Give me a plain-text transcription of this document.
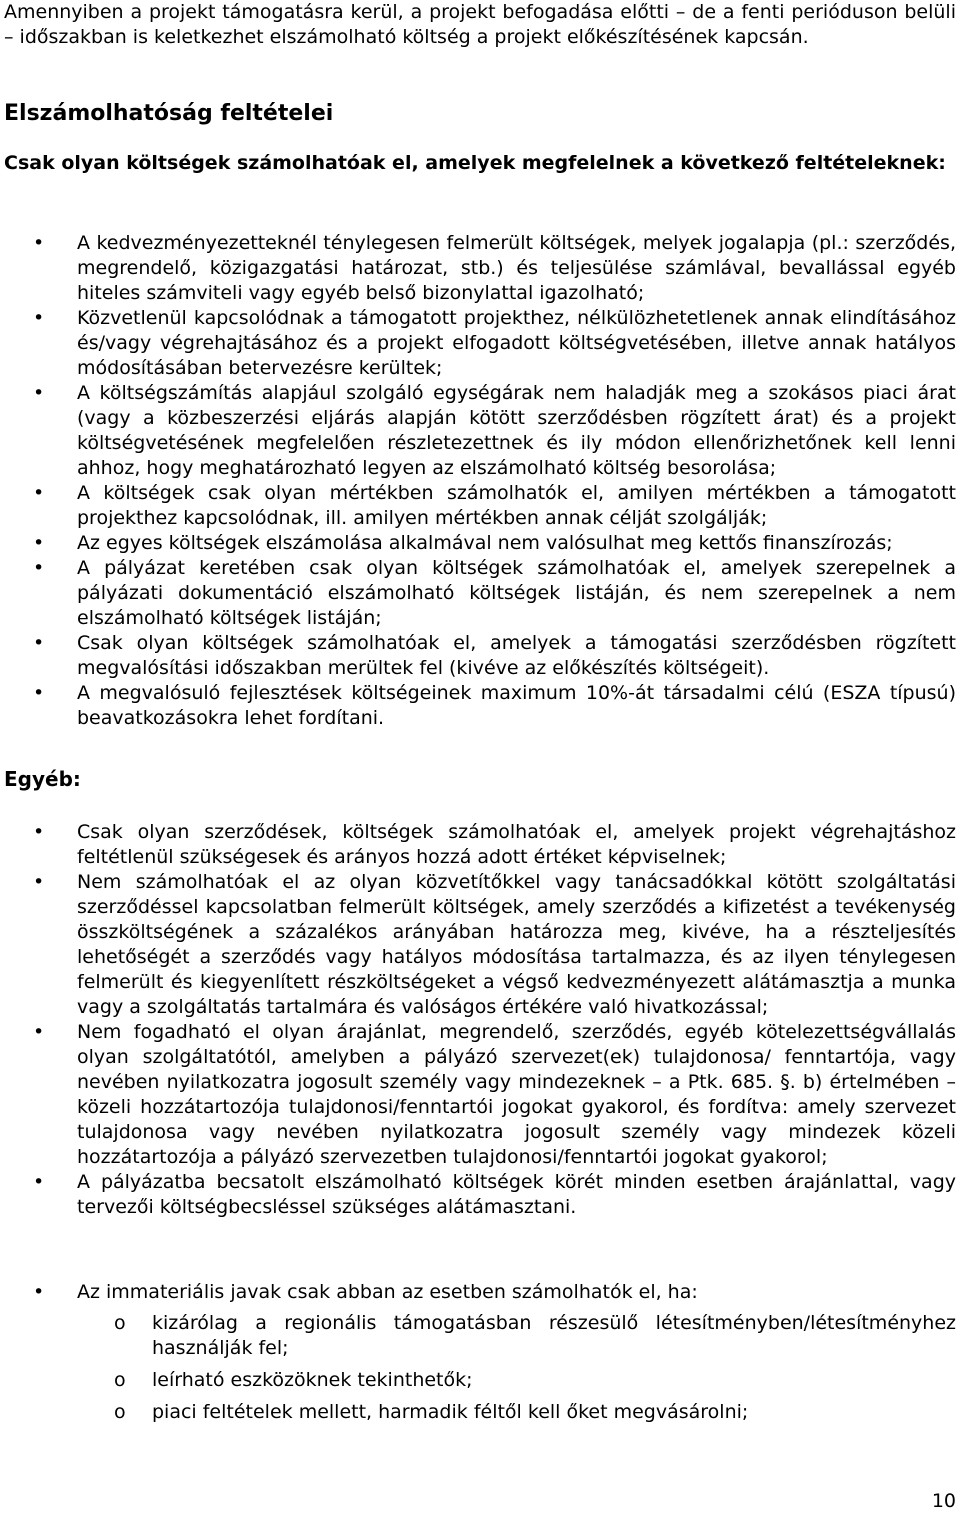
Amennyiben a projekt támogatásra kerül, a projekt befogadása előtti – de a fenti perióduson belüli – időszakban is keletkezhet elszámolható költség a projekt előkészítésének kapcsán.

Elszámolhatóság feltételei

Csak olyan költségek számolhatóak el, amelyek megfelelnek a következő feltételeknek:

• A kedvezményezetteknél ténylegesen felmerült költségek, melyek jogalapja (pl.: szerződés, megrendelő, közigazgatási határozat, stb.) és teljesülése számlával, bevallással egyéb hiteles számviteli vagy egyéb belső bizonylattal igazolható;
• Közvetlenül kapcsolódnak a támogatott projekthez, nélkülözhetetlenek annak elindításához és/vagy végrehajtásához és a projekt elfogadott költségvetésében, illetve annak hatályos módosításában betervezésre kerültek;
• A költségszámítás alapjául szolgáló egységárak nem haladják meg a szokásos piaci árat (vagy a közbeszerzési eljárás alapján kötött szerződésben rögzített árat) és a projekt költségvetésének megfelelően részletezettnek és ily módon ellenőrizhetőnek kell lenni ahhoz, hogy meghatározható legyen az elszámolható költség besorolása;
• A költségek csak olyan mértékben számolhatók el, amilyen mértékben a támogatott projekthez kapcsolódnak, ill. amilyen mértékben annak célját szolgálják;
• Az egyes költségek elszámolása alkalmával nem valósulhat meg kettős finanszírozás;
• A pályázat keretében csak olyan költségek számolhatóak el, amelyek szerepelnek a pályázati dokumentáció elszámolható költségek listáján, és nem szerepelnek a nem elszámolható költségek listáján;
• Csak olyan költségek számolhatóak el, amelyek a támogatási szerződésben rögzített megvalósítási időszakban merültek fel (kivéve az előkészítés költségeit).
• A megvalósuló fejlesztések költségeinek maximum 10%-át társadalmi célú (ESZA típusú) beavatkozásokra lehet fordítani.
Egyéb:
• Csak olyan szerződések, költségek számolhatóak el, amelyek projekt végrehajtáshoz feltétlenül szükségesek és arányos hozzá adott értéket képviselnek;
• Nem számolhatóak el az olyan közvetítőkkel vagy tanácsadókkal kötött szolgáltatási szerződéssel kapcsolatban felmerült költségek, amely szerződés a kifizetést a tevékenység összköltségének a százalékos arányában határozza meg, kivéve, ha a részteljesítés lehetőségét a szerződés vagy hatályos módosítása tartalmazza, és az ilyen ténylegesen felmerült és kiegyenlített részköltségeket a végső kedvezményezett alátámasztja a munka vagy a szolgáltatás tartalmára és valóságos értékére való hivatkozással;
• Nem fogadható el olyan árajánlat, megrendelő, szerződés, egyéb kötelezettségvállalás olyan szolgáltatótól, amelyben a pályázó szervezet(ek) tulajdonosa/ fenntartója, vagy nevében nyilatkozatra jogosult személy vagy mindezeknek – a Ptk. 685. §. b) értelmében – közeli hozzátartozója tulajdonosi/fenntartói jogokat gyakorol, és fordítva: amely szervezet tulajdonosa vagy nevében nyilatkozatra jogosult személy vagy mindezek közeli hozzátartozója a pályázó szervezetben tulajdonosi/fenntartói jogokat gyakorol;
• A pályázatba becsatolt elszámolható költségek körét minden esetben árajánlattal, vagy tervezői költségbecsléssel szükséges alátámasztani.
• Az immateriális javak csak abban az esetben számolhatók el, ha:
o kizárólag a regionális támogatásban részesülő létesítményben/létesítményhez használják fel;
o leírható eszközöknek tekinthetők;
o piaci feltételek mellett, harmadik féltől kell őket megvásárolni;
10
